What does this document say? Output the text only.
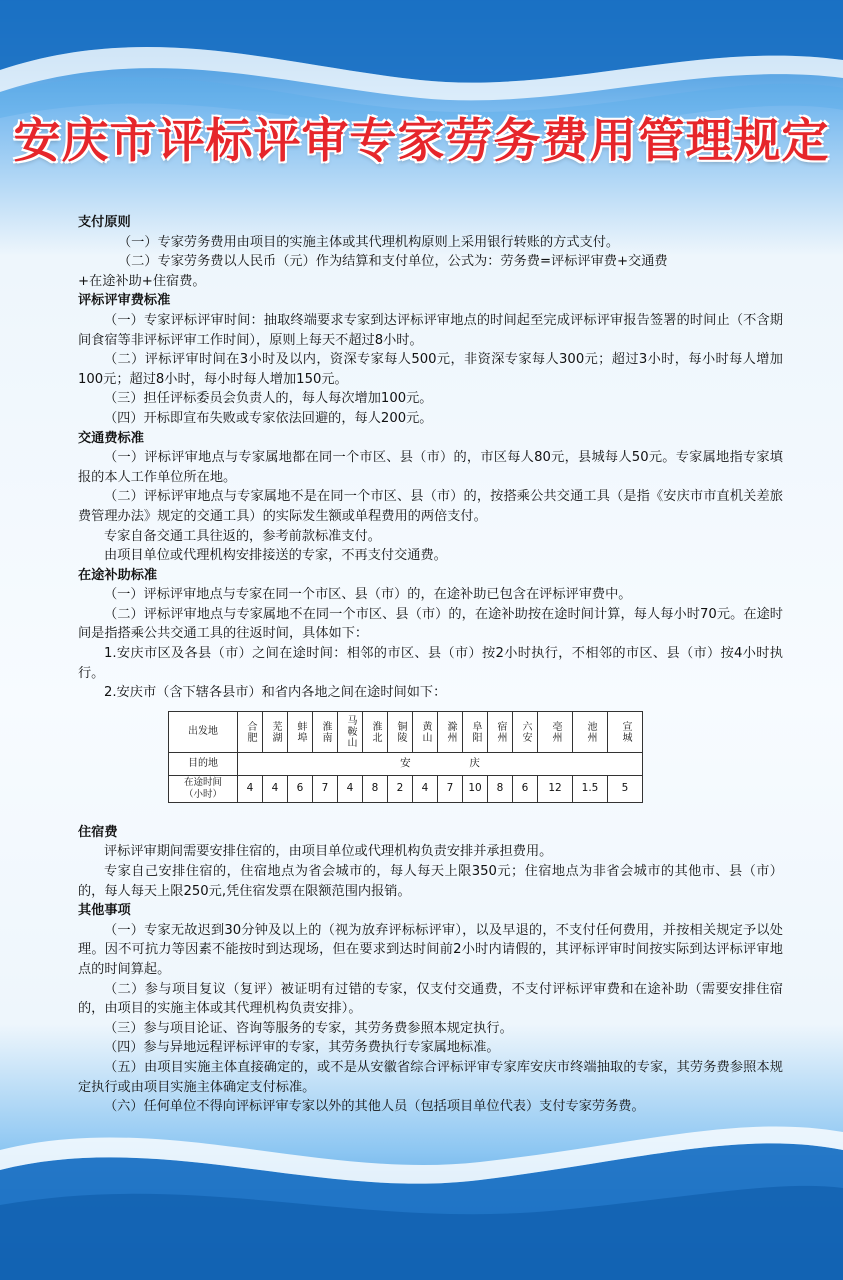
安庆市评标评审专家劳务费用管理规定
支付原则
（一）专家劳务费用由项目的实施主体或其代理机构原则上采用银行转账的方式支付。
（二）专家劳务费以人民币（元）作为结算和支付单位，公式为：劳务费=评标评审费+交通费
+在途补助+住宿费。
评标评审费标准
（一）专家评标评审时间：抽取终端要求专家到达评标评审地点的时间起至完成评标评审报告签署的时间止（不含期间食宿等非评标评审工作时间），原则上每天不超过8小时。
（二）评标评审时间在3小时及以内，资深专家每人500元，非资深专家每人300元；超过3小时，每小时每人增加100元；超过8小时，每小时每人增加150元。
（三）担任评标委员会负责人的，每人每次增加100元。
（四）开标即宣布失败或专家依法回避的，每人200元。
交通费标准
（一）评标评审地点与专家属地都在同一个市区、县（市）的，市区每人80元，县城每人50元。专家属地指专家填报的本人工作单位所在地。
（二）评标评审地点与专家属地不是在同一个市区、县（市）的，按搭乘公共交通工具（是指《安庆市市直机关差旅费管理办法》规定的交通工具）的实际发生额或单程费用的两倍支付。
专家自备交通工具往返的，参考前款标准支付。
由项目单位或代理机构安排接送的专家，不再支付交通费。
在途补助标准
（一）评标评审地点与专家在同一个市区、县（市）的，在途补助已包含在评标评审费中。
（二）评标评审地点与专家属地不在同一个市区、县（市）的，在途补助按在途时间计算，每人每小时70元。在途时间是指搭乘公共交通工具的往返时间，具体如下：
1.安庆市区及各县（市）之间在途时间：相邻的市区、县（市）按2小时执行，不相邻的市区、县（市）按4小时执行。
2.安庆市（含下辖各县市）和省内各地之间在途时间如下：
出发地	合肥	芜湖	蚌埠	淮南	马鞍山	淮北	铜陵	黄山	滁州	阜阳	宿州	六安	亳州	池州	宣城

目的地	安 庆														

在途时间
（小时）	4	4	6	7	4	8	2	4	7	10	8	6	12	1.5	5
住宿费
评标评审期间需要安排住宿的，由项目单位或代理机构负责安排并承担费用。
专家自己安排住宿的，住宿地点为省会城市的，每人每天上限350元；住宿地点为非省会城市的其他市、县（市）的，每人每天上限250元,凭住宿发票在限额范围内报销。
其他事项
（一）专家无故迟到30分钟及以上的（视为放弃评标标评审），以及早退的，不支付任何费用，并按相关规定予以处理。因不可抗力等因素不能按时到达现场，但在要求到达时间前2小时内请假的，其评标评审时间按实际到达评标评审地点的时间算起。
（二）参与项目复议（复评）被证明有过错的专家，仅支付交通费，不支付评标评审费和在途补助（需要安排住宿的，由项目的实施主体或其代理机构负责安排）。
（三）参与项目论证、咨询等服务的专家，其劳务费参照本规定执行。
（四）参与异地远程评标评审的专家，其劳务费执行专家属地标准。
（五）由项目实施主体直接确定的，或不是从安徽省综合评标评审专家库安庆市终端抽取的专家，其劳务费参照本规定执行或由项目实施主体确定支付标准。
（六）任何单位不得向评标评审专家以外的其他人员（包括项目单位代表）支付专家劳务费。
